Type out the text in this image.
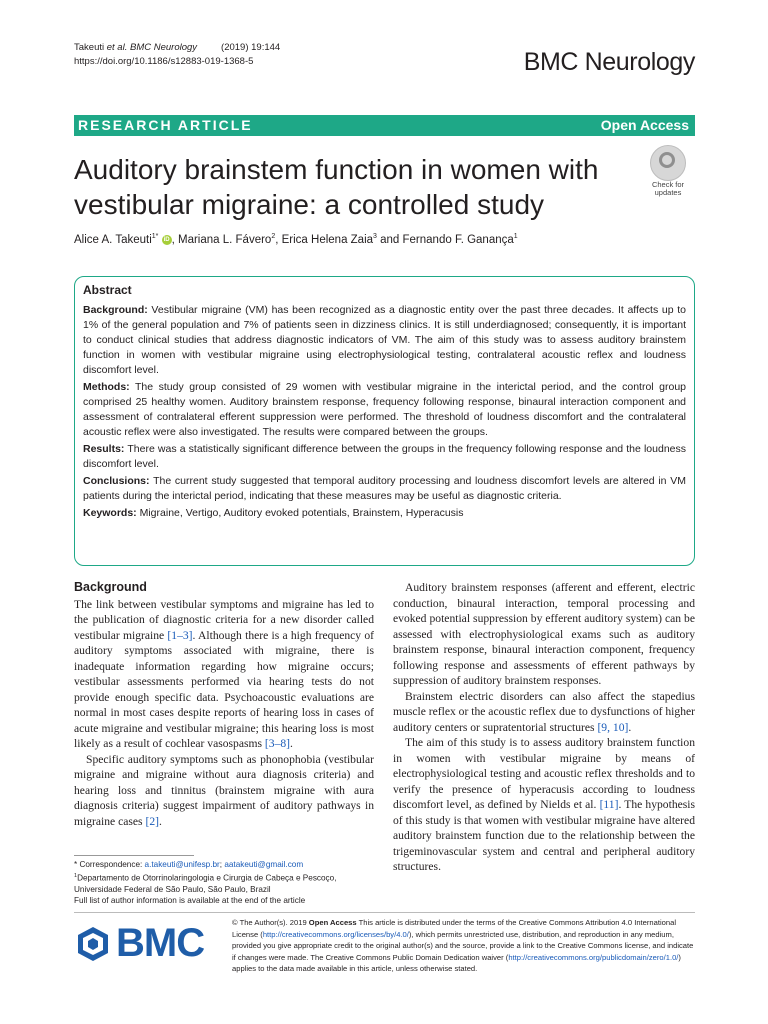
Takeuti et al. BMC Neurology	(2019) 19:144
https://doi.org/10.1186/s12883-019-1368-5	BMC Neurology
RESEARCH ARTICLE	Open Access
Auditory brainstem function in women with vestibular migraine: a controlled study
Check for
updates
Alice A. Takeuti$^{1*}$ iD , Mariana L. Fávero$^2$, Erica Helena Zaia$^3$ and Fernando F. Ganança$^1$
Abstract

Background: Vestibular migraine (VM) has been recognized as a diagnostic entity over the past three decades. It affects up to 1% of the general population and 7% of patients seen in dizziness clinics. It is still underdiagnosed; consequently, it is important to conduct clinical studies that address diagnostic indicators of VM. The aim of this study was to assess auditory brainstem function in women with vestibular migraine using electrophysiological testing, contralateral acoustic reflex and loudness discomfort level.

Methods: The study group consisted of 29 women with vestibular migraine in the interictal period, and the control group comprised 25 healthy women. Auditory brainstem response, frequency following response, binaural interaction component and assessment of contralateral efferent suppression were performed. The threshold of loudness discomfort and the contralateral acoustic reflex were also investigated. The results were compared between the groups.

Results: There was a statistically significant difference between the groups in the frequency following response and the loudness discomfort level.

Conclusions: The current study suggested that temporal auditory processing and loudness discomfort levels are altered in VM patients during the interictal period, indicating that these measures may be useful as diagnostic criteria.

Keywords: Migraine, Vertigo, Auditory evoked potentials, Brainstem, Hyperacusis

Background

The link between vestibular symptoms and migraine has led to the publication of diagnostic criteria for a new disorder called vestibular migraine [1–3]. Although there is a high frequency of auditory symptoms associated with migraine, there is inadequate information regarding how migraine occurs; vestibular assessments performed via hearing tests do not provide enough specific data. Psychoacoustic evaluations are normal in most cases despite reports of hearing loss in cases of acute migraine and vestibular migraine; this hearing loss is most likely as a result of cochlear vasospasms [3–8].

Specific auditory symptoms such as phonophobia (vestibular migraine and migraine without aura diagnosis criteria) and hearing loss and tinnitus (brainstem migraine with aura diagnosis criteria) suggest impairment of auditory pathways in migraine cases [2].

Auditory brainstem responses (afferent and efferent, electric conduction, binaural interaction, temporal processing and evoked potential suppression by efferent auditory system) can be assessed with electrophysiological exams such as auditory brainstem response, binaural interaction component, frequency following response and assessments of efferent pathways by suppression of auditory brainstem responses.

Brainstem electric disorders can also affect the stapedius muscle reflex or the acoustic reflex due to dysfunctions of higher auditory centers or supratentorial structures [9, 10].

The aim of this study is to assess auditory brainstem function in women with vestibular migraine by means of electrophysiological testing and acoustic reflex thresholds and to verify the presence of hyperacusis according to loudness discomfort level, as defined by Nields et al. [11]. The hypothesis of this study is that women with vestibular migraine have altered auditory brainstem function due to the relationship between the trigeminovascular system and central and peripheral auditory structures.

* Correspondence: a.takeuti@unifesp.br; aatakeuti@gmail.com
$^1$Departamento de Otorrinolaringologia e Cirurgia de Cabeça e Pescoço, Universidade Federal de São Paulo, São Paulo, Brazil
Full list of author information is available at the end of the article
BMC	© The Author(s). 2019 Open Access This article is distributed under the terms of the Creative Commons Attribution 4.0 International License (http://creativecommons.org/licenses/by/4.0/), which permits unrestricted use, distribution, and reproduction in any medium, provided you give appropriate credit to the original author(s) and the source, provide a link to the Creative Commons license, and indicate if changes were made. The Creative Commons Public Domain Dedication waiver (http://creativecommons.org/publicdomain/zero/1.0/) applies to the data made available in this article, unless otherwise stated.
